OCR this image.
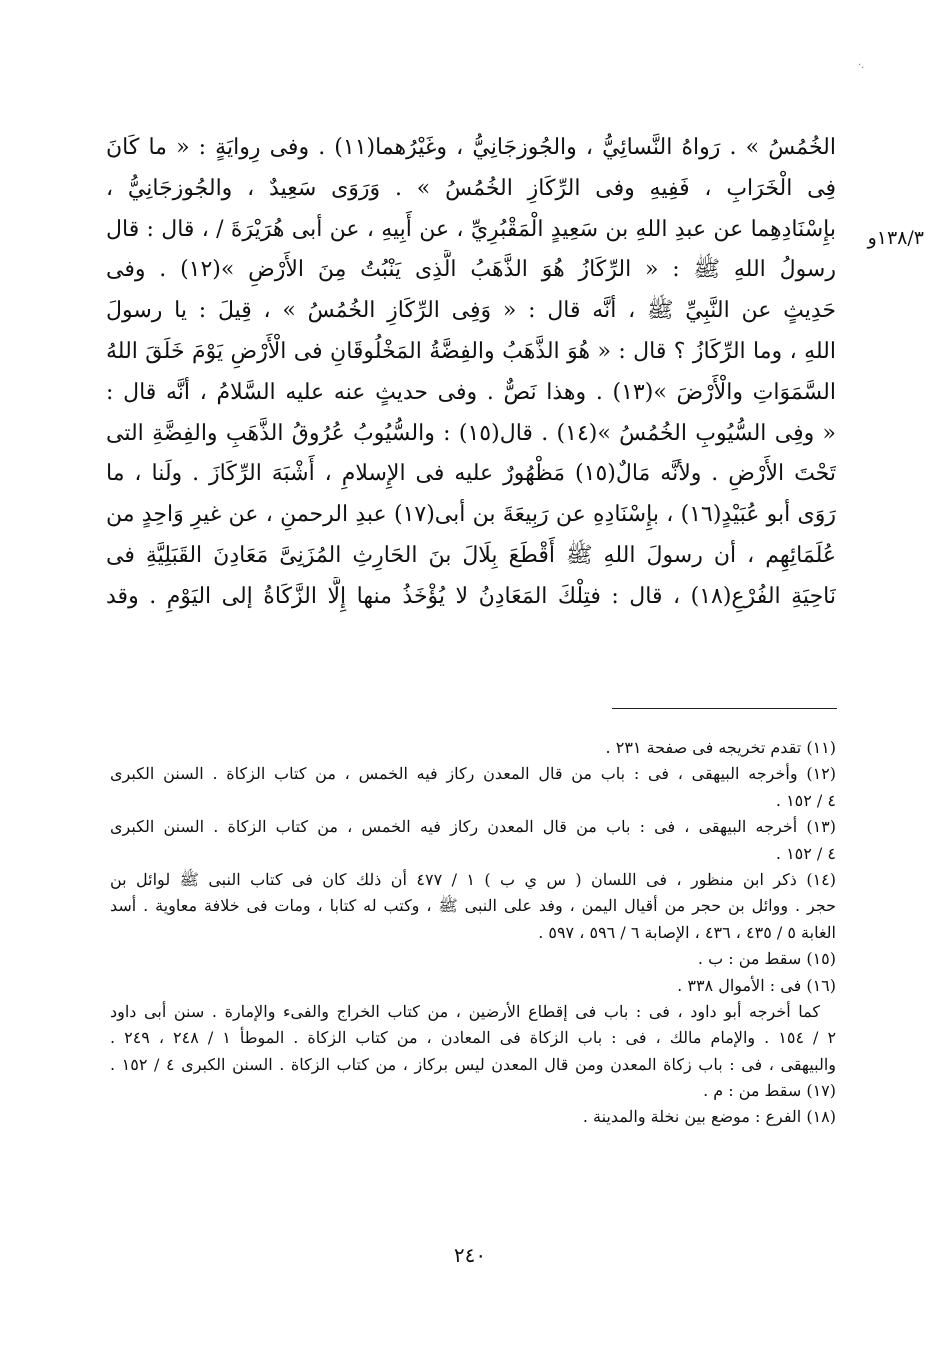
·.
١٣٨/٣و
الخُمُسُ » . رَواهُ النَّسائِيُّ ، والجُوزجَانِيُّ ، وغَيْرُهما(١١) . وفى رِوايَةٍ : « ما كَانَ
فِى الْخَرَابِ ، فَفِيهِ وفى الرِّكَازِ الخُمُسُ » . وَرَوَى سَعِيدٌ ، والجُوزجَانِيُّ ،
بإِسْنَادِهِما عن عبدِ اللهِ بن سَعِيدٍ الْمَقْبُرِيِّ ، عن أَبِيهِ ، عن أبى هُرَيْرَةَ / ، قال : قال
رسولُ اللهِ ﷺ : « الرِّكَازُ هُوَ الذَّهَبُ الَّذِى يَنْبُتُ مِنَ الأَرْضِ »(١٢) . وفى
حَدِيثٍ عن النَّبِيِّ ﷺ ، أنَّه قال : « وَفِى الرِّكَازِ الخُمُسُ » ، قِيلَ : يا رسولَ
اللهِ ، وما الرِّكَازُ ؟ قال : « هُوَ الذَّهَبُ والفِضَّةُ المَخْلُوقَانِ فى الْأَرْضِ يَوْمَ خَلَقَ اللهُ
السَّمَوَاتِ والْأَرْضَ »(١٣) . وهذا نَصٌّ . وفى حديثٍ عنه عليه السَّلامُ ، أنَّه قال :
« وفِى السُّيُوبِ الخُمُسُ »(١٤) . قال(١٥) : والسُّيُوبُ عُرُوقُ الذَّهَبِ والفِضَّةِ التى
تَحْتَ الأَرْضِ . ولأنَّه مَالٌ(١٥) مَظْهُورٌ عليه فى الإِسلامِ ، أَشْبَهَ الرِّكَازَ . ولَنا ، ما
رَوَى أبو عُبَيْدٍ(١٦) ، بإِسْنَادِهِ عن رَبِيعَةَ بن أبى(١٧) عبدِ الرحمنِ ، عن غيرِ وَاحِدٍ من
عُلَمَائِهِم ، أن رسولَ اللهِ ﷺ أَقْطَعَ بِلَالَ بنَ الحَارِثِ المُزَنِىَّ مَعَادِنَ القَبَلِيَّةِ فى
نَاحِيَةِ الفُرْعِ(١٨) ، قال : فتِلْكَ المَعَادِنُ لا يُؤْخَذُ منها إِلَّا الزَّكَاةُ إلى اليَوْمِ . وقد
(١١) تقدم تخريجه فى صفحة ٢٣١ .
(١٢) وأخرجه البيهقى ، فى : باب من قال المعدن ركاز فيه الخمس ، من كتاب الزكاة . السنن الكبرى
٤ / ١٥٢ .
(١٣) أخرجه البيهقى ، فى : باب من قال المعدن ركاز فيه الخمس ، من كتاب الزكاة . السنن الكبرى
٤ / ١٥٢ .
(١٤) ذكر ابن منظور ، فى اللسان ( س ي ب ) ١ / ٤٧٧ أن ذلك كان فى كتاب النبى ﷺ لوائل بن
حجر . ووائل بن حجر من أقيال اليمن ، وفد على النبى ﷺ ، وكتب له كتابا ، ومات فى خلافة معاوية . أسد
الغابة ٥ / ٤٣٥ ، ٤٣٦ ، الإصابة ٦ / ٥٩٦ ، ٥٩٧ .
(١٥) سقط من : ب .
(١٦) فى : الأموال ٣٣٨ .
كما أخرجه أبو داود ، فى : باب فى إقطاع الأرضين ، من كتاب الخراج والفىء والإمارة . سنن أبى داود
٢ / ١٥٤ . والإمام مالك ، فى : باب الزكاة فى المعادن ، من كتاب الزكاة . الموطأ ١ / ٢٤٨ ، ٢٤٩ .
والبيهقى ، فى : باب زكاة المعدن ومن قال المعدن ليس بركاز ، من كتاب الزكاة . السنن الكبرى ٤ / ١٥٢ .
(١٧) سقط من : م .
(١٨) الفرع : موضع بين نخلة والمدينة .
٢٤٠
